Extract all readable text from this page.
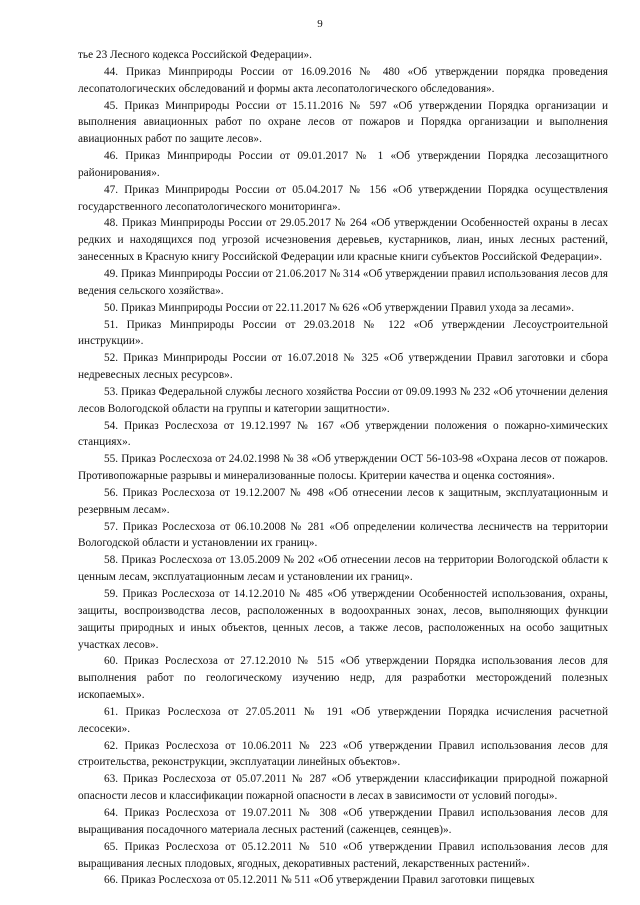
9

тье 23 Лесного кодекса Российской Федерации».

44. Приказ Минприроды России от 16.09.2016 № 480 «Об утверждении порядка проведения лесопатологических обследований и формы акта лесопатологического обследования».

45. Приказ Минприроды России от 15.11.2016 № 597 «Об утверждении Порядка организации и выполнения авиационных работ по охране лесов от пожаров и Порядка организации и выполнения авиационных работ по защите лесов».

46. Приказ Минприроды России от 09.01.2017 № 1 «Об утверждении Порядка лесозащитного районирования».

47. Приказ Минприроды России от 05.04.2017 № 156 «Об утверждении Порядка осуществления государственного лесопатологического мониторинга».

48. Приказ Минприроды России от 29.05.2017 № 264 «Об утверждении Особенностей охраны в лесах редких и находящихся под угрозой исчезновения деревьев, кустарников, лиан, иных лесных растений, занесенных в Красную книгу Российской Федерации или красные книги субъектов Российской Федерации».

49. Приказ Минприроды России от 21.06.2017 № 314 «Об утверждении правил использования лесов для ведения сельского хозяйства».

50. Приказ Минприроды России от 22.11.2017 № 626 «Об утверждении Правил ухода за лесами».

51. Приказ Минприроды России от 29.03.2018 № 122 «Об утверждении Лесоустроительной инструкции».

52. Приказ Минприроды России от 16.07.2018 № 325 «Об утверждении Правил заготовки и сбора недревесных лесных ресурсов».

53. Приказ Федеральной службы лесного хозяйства России от 09.09.1993 № 232 «Об уточнении деления лесов Вологодской области на группы и категории защитности».

54. Приказ Рослесхоза от 19.12.1997 № 167 «Об утверждении положения о пожарно-химических станциях».

55. Приказ Рослесхоза от 24.02.1998 № 38 «Об утверждении ОСТ 56-103-98 «Охрана лесов от пожаров. Противопожарные разрывы и минерализованные полосы. Критерии качества и оценка состояния».

56. Приказ Рослесхоза от 19.12.2007 № 498 «Об отнесении лесов к защитным, эксплуатационным и резервным лесам».

57. Приказ Рослесхоза от 06.10.2008 № 281 «Об определении количества лесничеств на территории Вологодской области и установлении их границ».

58. Приказ Рослесхоза от 13.05.2009 № 202 «Об отнесении лесов на территории Вологодской области к ценным лесам, эксплуатационным лесам и установлении их границ».

59. Приказ Рослесхоза от 14.12.2010 № 485 «Об утверждении Особенностей использования, охраны, защиты, воспроизводства лесов, расположенных в водоохранных зонах, лесов, выполняющих функции защиты природных и иных объектов, ценных лесов, а также лесов, расположенных на особо защитных участках лесов».

60. Приказ Рослесхоза от 27.12.2010 № 515 «Об утверждении Порядка использования лесов для выполнения работ по геологическому изучению недр, для разработки месторождений полезных ископаемых».

61. Приказ Рослесхоза от 27.05.2011 № 191 «Об утверждении Порядка исчисления расчетной лесосеки».

62. Приказ Рослесхоза от 10.06.2011 № 223 «Об утверждении Правил использования лесов для строительства, реконструкции, эксплуатации линейных объектов».

63. Приказ Рослесхоза от 05.07.2011 № 287 «Об утверждении классификации природной пожарной опасности лесов и классификации пожарной опасности в лесах в зависимости от условий погоды».

64. Приказ Рослесхоза от 19.07.2011 № 308 «Об утверждении Правил использования лесов для выращивания посадочного материала лесных растений (саженцев, сеянцев)».

65. Приказ Рослесхоза от 05.12.2011 № 510 «Об утверждении Правил использования лесов для выращивания лесных плодовых, ягодных, декоративных растений, лекарственных растений».

66. Приказ Рослесхоза от 05.12.2011 № 511 «Об утверждении Правил заготовки пищевых
